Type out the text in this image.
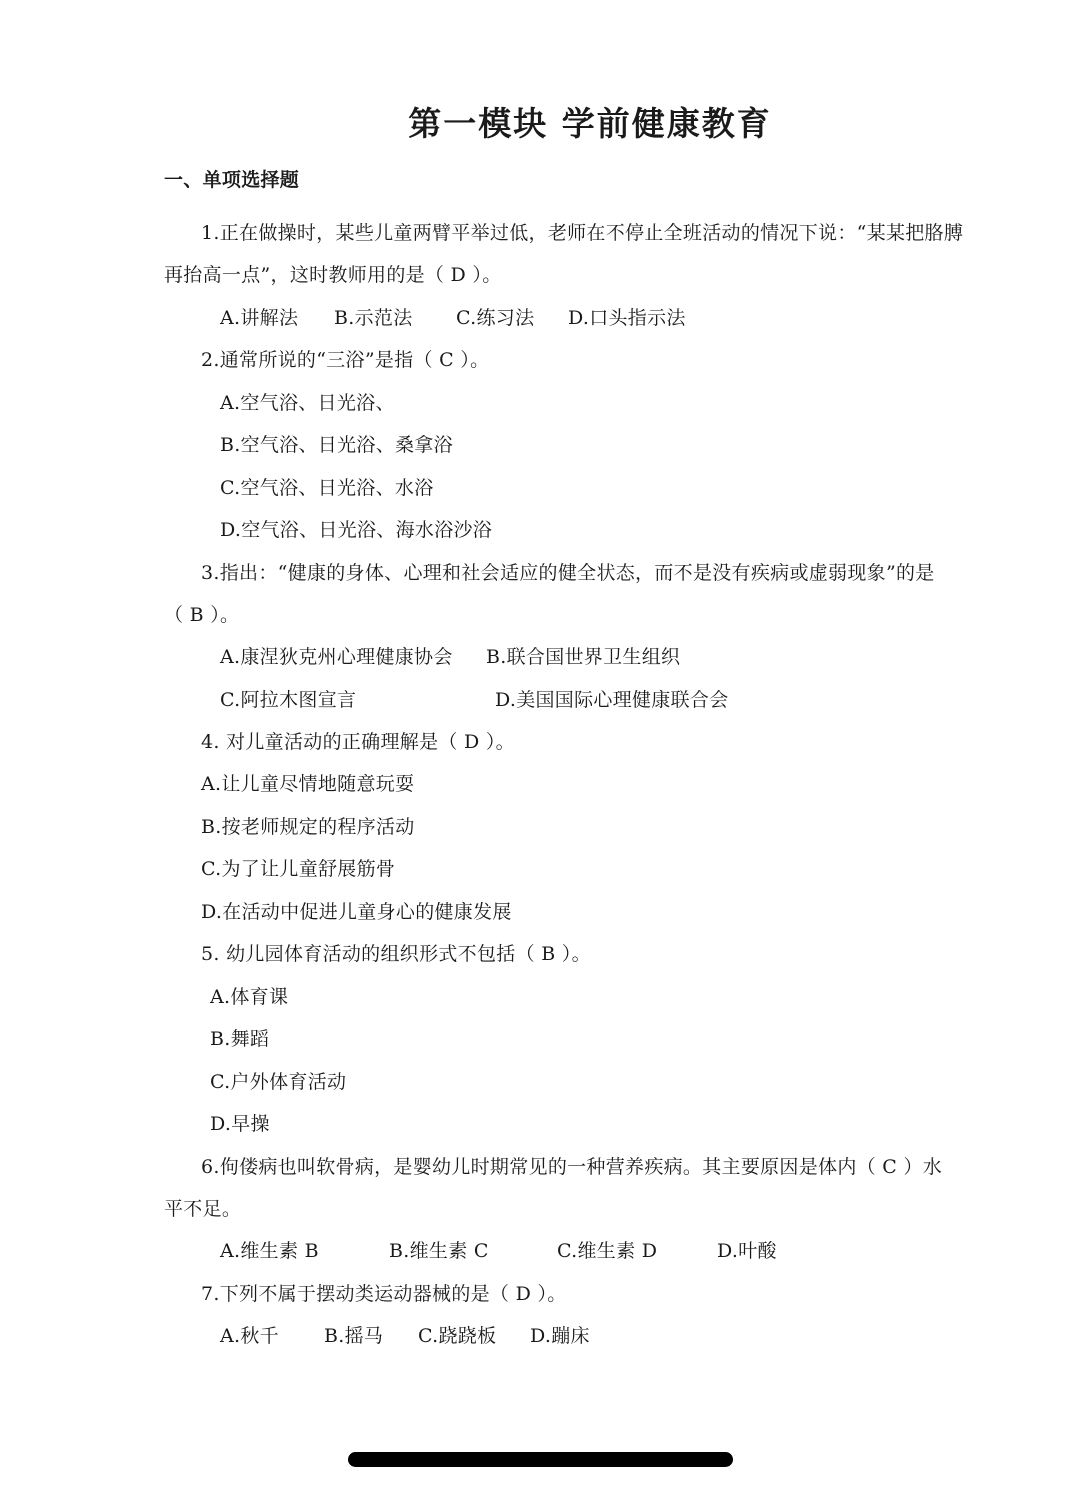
第一模块 学前健康教育
一、单项选择题
1.正在做操时，某些儿童两臂平举过低，老师在不停止全班活动的情况下说：“某某把胳膊
再抬高一点”，这时教师用的是（ D ）。
A.讲解法 B.示范法 C.练习法 D.口头指示法
2.通常所说的“三浴”是指（ C ）。
A.空气浴、日光浴、
B.空气浴、日光浴、桑拿浴
C.空气浴、日光浴、水浴
D.空气浴、日光浴、海水浴沙浴
3.指出：“健康的身体、心理和社会适应的健全状态，而不是没有疾病或虚弱现象”的是
（ B ）。
A.康涅狄克州心理健康协会 B.联合国世界卫生组织
C.阿拉木图宣言	D.美国国际心理健康联合会
4. 对儿童活动的正确理解是（ D ）。
A.让儿童尽情地随意玩耍
B.按老师规定的程序活动
C.为了让儿童舒展筋骨
D.在活动中促进儿童身心的健康发展
5. 幼儿园体育活动的组织形式不包括（ B ）。
A.体育课
B.舞蹈
C.户外体育活动
D.早操
6.佝偻病也叫软骨病，是婴幼儿时期常见的一种营养疾病。其主要原因是体内（ C ）水
平不足。
A.维生素 B	B.维生素 C	C.维生素 D	D.叶酸
7.下列不属于摆动类运动器械的是（ D ）。
A.秋千 B.摇马 C.跷跷板 D.蹦床
